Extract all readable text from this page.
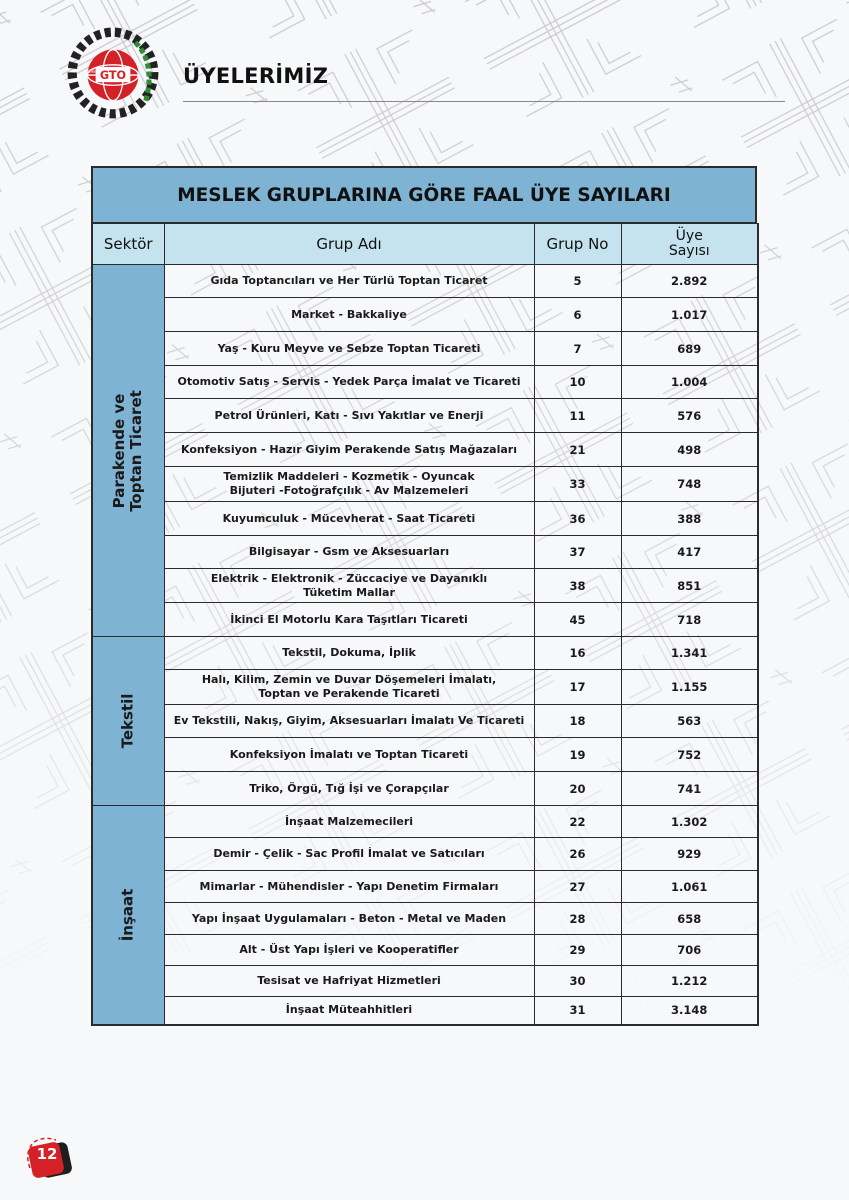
GTO
1898	ÜYELERİMİZ
MESLEK GRUPLARINA GÖRE FAAL ÜYE SAYILARI
Sektör	Grup Adı	Grup No	Üye
Sayısı

Parakende ve
Toptan Ticaret	Gıda Toptancıları ve Her Türlü Toptan Ticaret	5	2.892
	Market - Bakkaliye	6	1.017
	Yaş - Kuru Meyve ve Sebze Toptan Ticareti	7	689
	Otomotiv Satış - Servis - Yedek Parça İmalat ve Ticareti	10	1.004
	Petrol Ürünleri, Katı - Sıvı Yakıtlar ve Enerji	11	576
	Konfeksiyon - Hazır Giyim Perakende Satış Mağazaları	21	498
	Temizlik Maddeleri - Kozmetik - Oyuncak
Bijuteri -Fotoğrafçılık - Av Malzemeleri	33	748
	Kuyumculuk - Mücevherat - Saat Ticareti	36	388
	Bilgisayar - Gsm ve Aksesuarları	37	417
	Elektrik - Elektronik - Züccaciye ve Dayanıklı
Tüketim Mallar	38	851
	İkinci El Motorlu Kara Taşıtları Ticareti	45	718

Tekstil	Tekstil, Dokuma, İplik	16	1.341
	Halı, Kilim, Zemin ve Duvar Döşemeleri İmalatı,
Toptan ve Perakende Ticareti	17	1.155
	Ev Tekstili, Nakış, Giyim, Aksesuarları İmalatı Ve Ticareti	18	563
	Konfeksiyon İmalatı ve Toptan Ticareti	19	752
	Triko, Örgü, Tığ İşi ve Çorapçılar	20	741

İnşaat	İnşaat Malzemecileri	22	1.302
	Demir - Çelik - Sac Profil İmalat ve Satıcıları	26	929
	Mimarlar - Mühendisler - Yapı Denetim Firmaları	27	1.061
	Yapı İnşaat Uygulamaları - Beton - Metal ve Maden	28	658
	Alt - Üst Yapı İşleri ve Kooperatifler	29	706
	Tesisat ve Hafriyat Hizmetleri	30	1.212
	İnşaat Müteahhitleri	31	3.148
12
